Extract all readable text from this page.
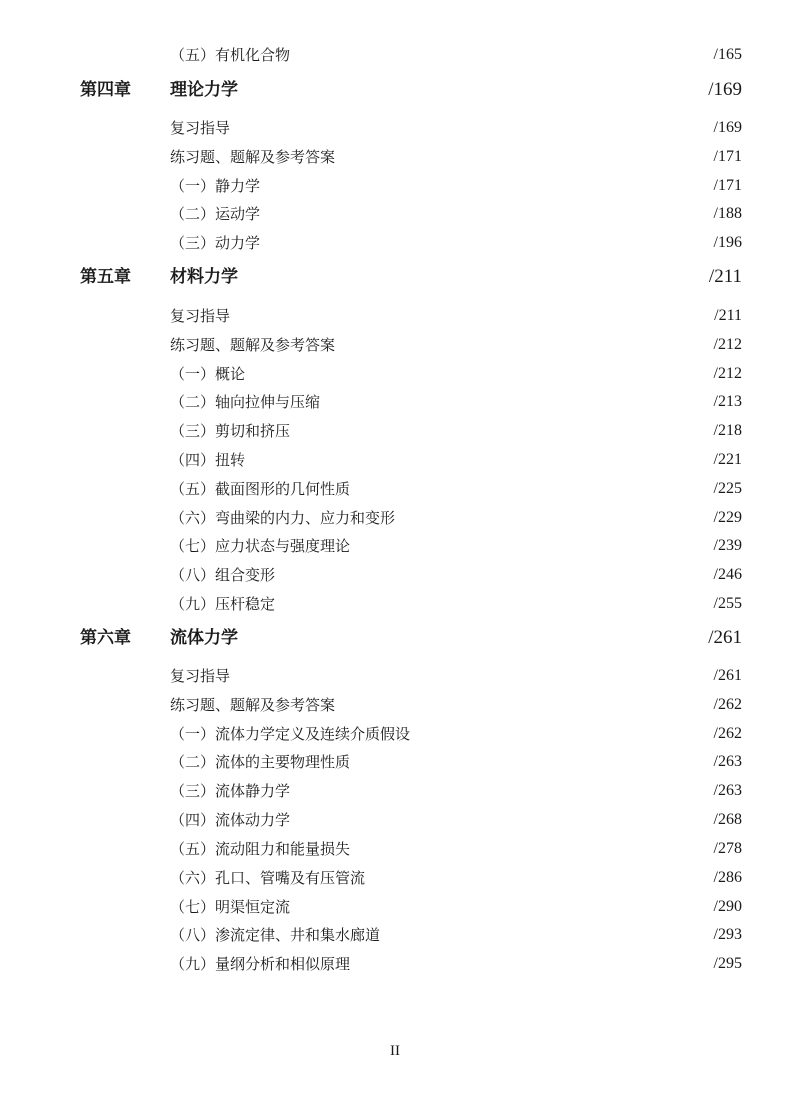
（五）有机化合物	/165
第四章 理论力学	/169
复习指导	/169
练习题、题解及参考答案	/171
（一）静力学	/171
（二）运动学	/188
（三）动力学	/196
第五章 材料力学	/211
复习指导	/211
练习题、题解及参考答案	/212
（一）概论	/212
（二）轴向拉伸与压缩	/213
（三）剪切和挤压	/218
（四）扭转	/221
（五）截面图形的几何性质	/225
（六）弯曲梁的内力、应力和变形	/229
（七）应力状态与强度理论	/239
（八）组合变形	/246
（九）压杆稳定	/255
第六章 流体力学	/261
复习指导	/261
练习题、题解及参考答案	/262
（一）流体力学定义及连续介质假设	/262
（二）流体的主要物理性质	/263
（三）流体静力学	/263
（四）流体动力学	/268
（五）流动阻力和能量损失	/278
（六）孔口、管嘴及有压管流	/286
（七）明渠恒定流	/290
（八）渗流定律、井和集水廊道	/293
（九）量纲分析和相似原理	/295
II
